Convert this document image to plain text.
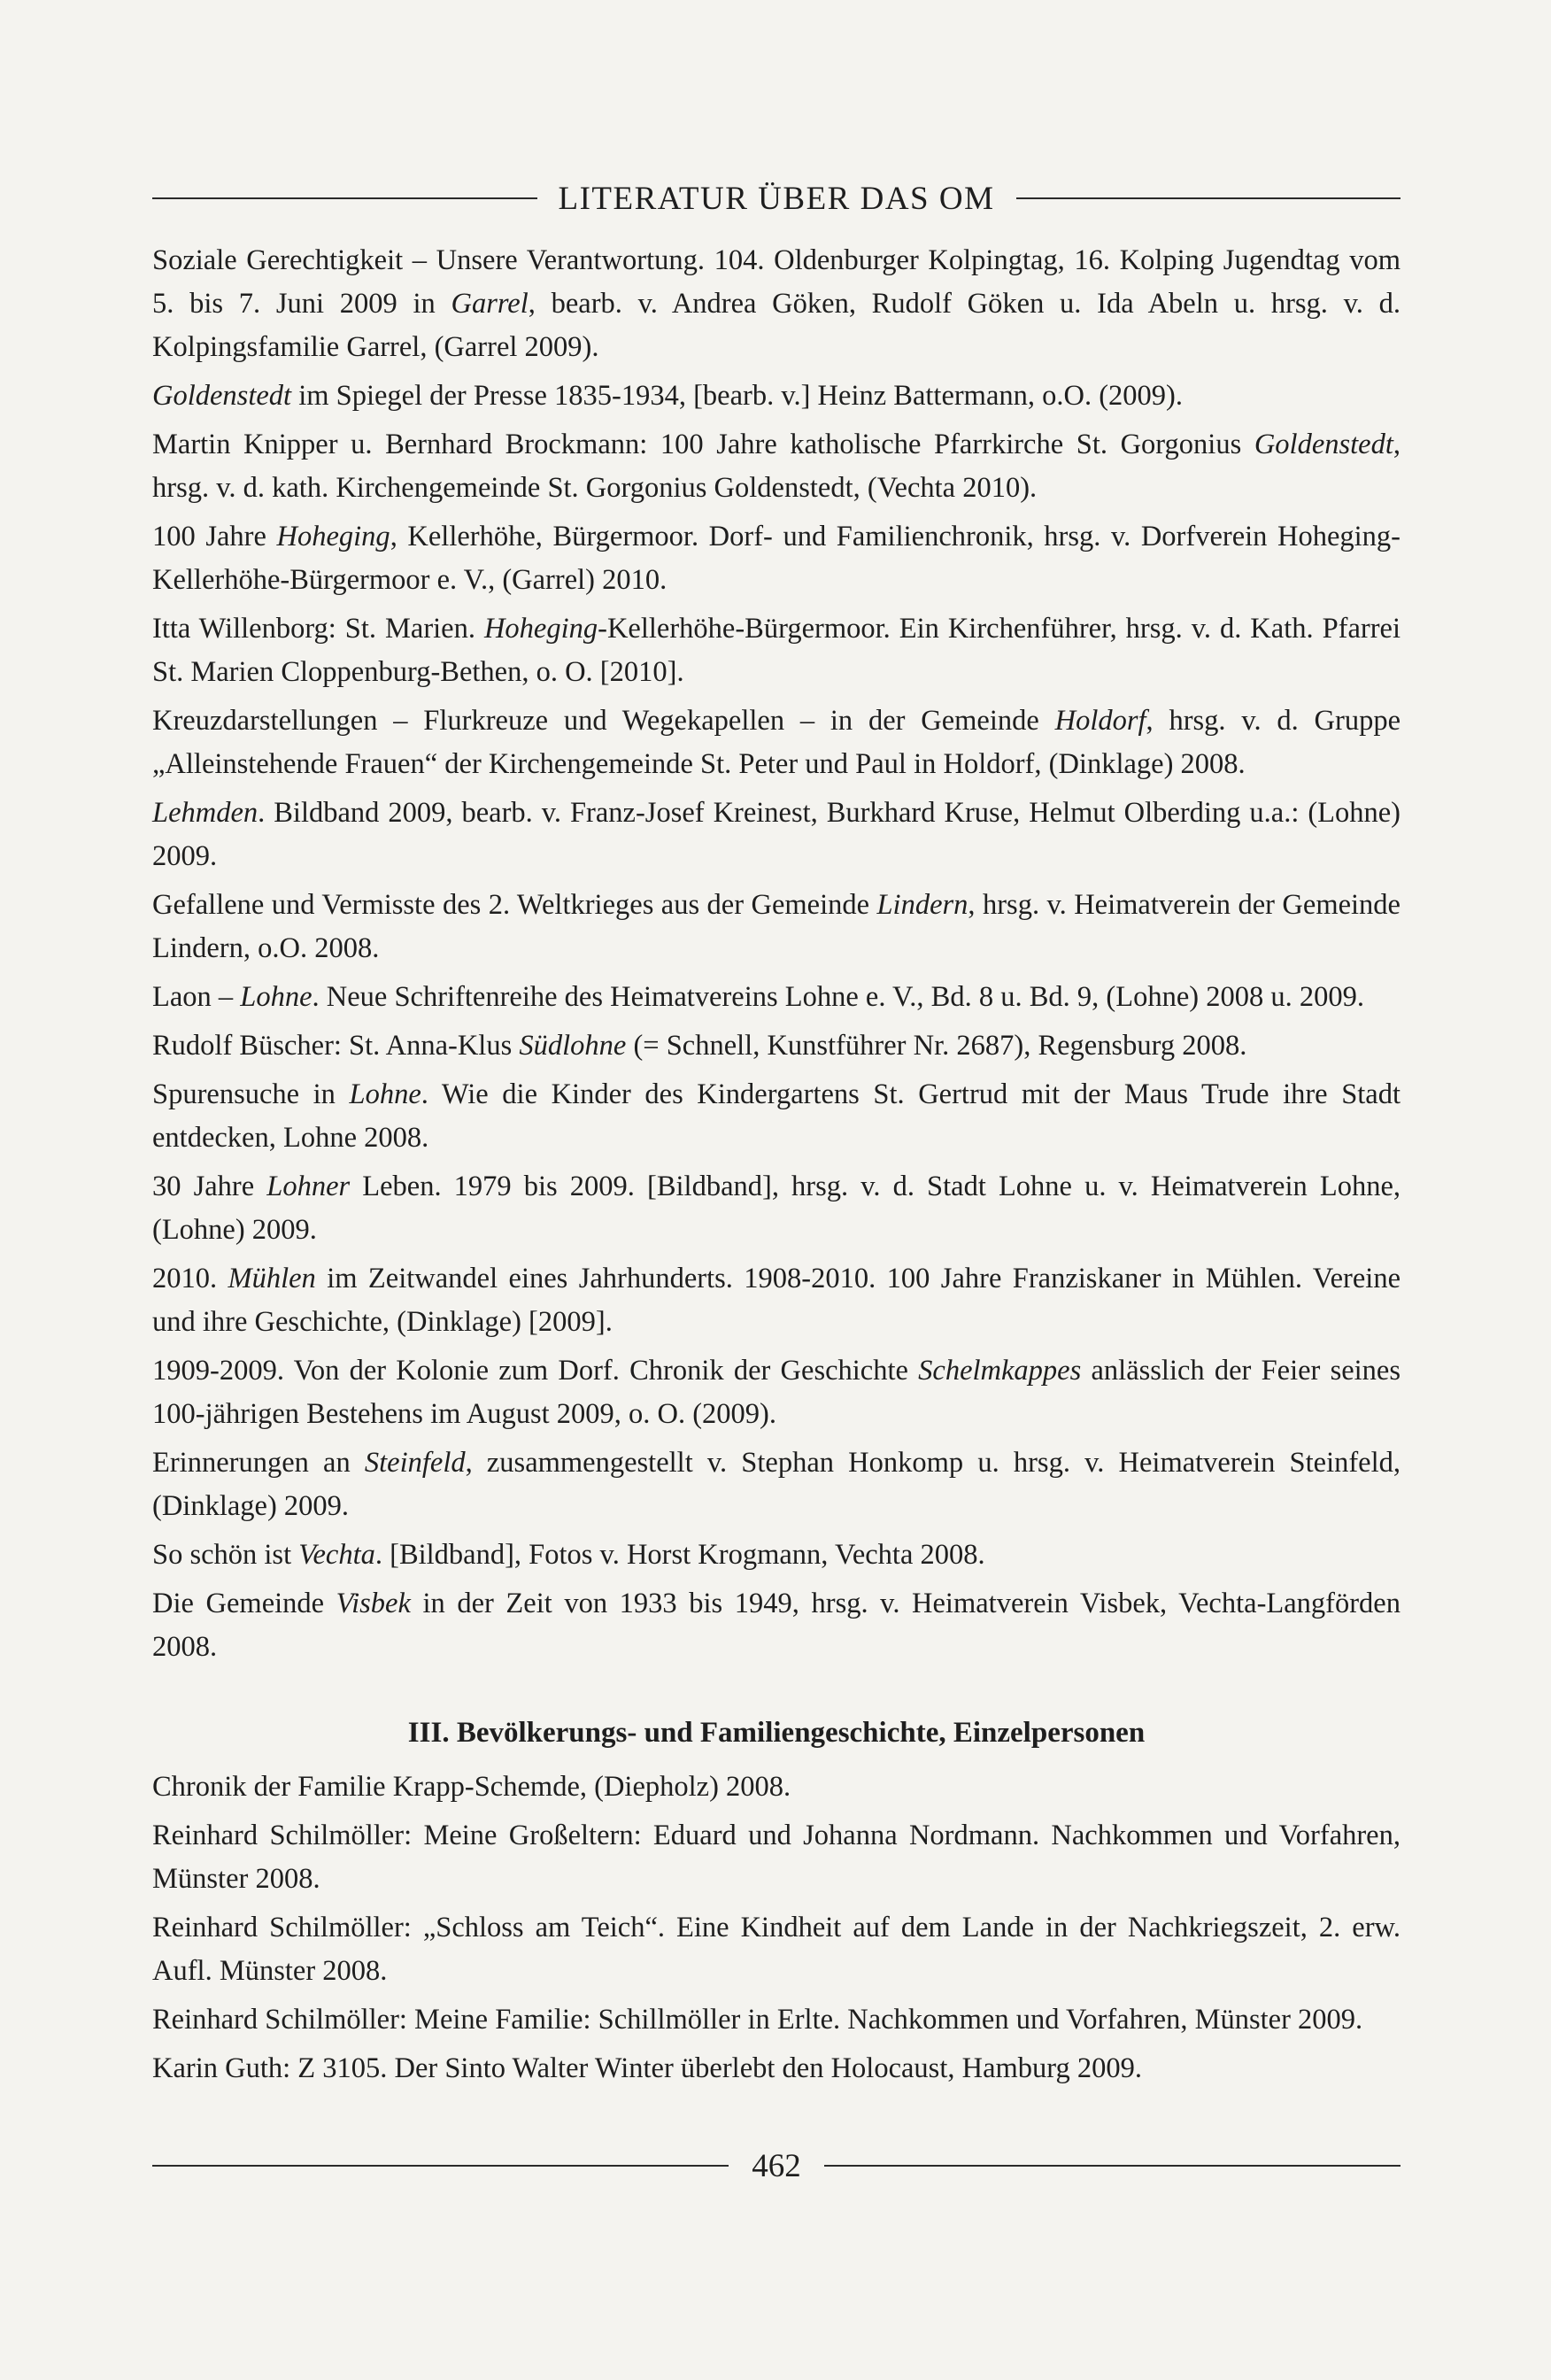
LITERATUR ÜBER DAS OM

Soziale Gerechtigkeit – Unsere Verantwortung. 104. Oldenburger Kolpingtag, 16. Kolping Jugendtag vom 5. bis 7. Juni 2009 in Garrel, bearb. v. Andrea Göken, Rudolf Göken u. Ida Abeln u. hrsg. v. d. Kolpingsfamilie Garrel, (Garrel 2009).

Goldenstedt im Spiegel der Presse 1835-1934, [bearb. v.] Heinz Battermann, o.O. (2009).

Martin Knipper u. Bernhard Brockmann: 100 Jahre katholische Pfarrkirche St. Gorgonius Goldenstedt, hrsg. v. d. kath. Kirchengemeinde St. Gorgonius Goldenstedt, (Vechta 2010).

100 Jahre Hoheging, Kellerhöhe, Bürgermoor. Dorf- und Familienchronik, hrsg. v. Dorfverein Hoheging-Kellerhöhe-Bürgermoor e. V., (Garrel) 2010.

Itta Willenborg: St. Marien. Hoheging-Kellerhöhe-Bürgermoor. Ein Kirchenführer, hrsg. v. d. Kath. Pfarrei St. Marien Cloppenburg-Bethen, o. O. [2010].

Kreuzdarstellungen – Flurkreuze und Wegekapellen – in der Gemeinde Holdorf, hrsg. v. d. Gruppe „Alleinstehende Frauen“ der Kirchengemeinde St. Peter und Paul in Holdorf, (Dinklage) 2008.

Lehmden. Bildband 2009, bearb. v. Franz-Josef Kreinest, Burkhard Kruse, Helmut Olberding u.a.: (Lohne) 2009.

Gefallene und Vermisste des 2. Weltkrieges aus der Gemeinde Lindern, hrsg. v. Heimatverein der Gemeinde Lindern, o.O. 2008.

Laon – Lohne. Neue Schriftenreihe des Heimatvereins Lohne e. V., Bd. 8 u. Bd. 9, (Lohne) 2008 u. 2009.

Rudolf Büscher: St. Anna-Klus Südlohne (= Schnell, Kunstführer Nr. 2687), Regensburg 2008.

Spurensuche in Lohne. Wie die Kinder des Kindergartens St. Gertrud mit der Maus Trude ihre Stadt entdecken, Lohne 2008.

30 Jahre Lohner Leben. 1979 bis 2009. [Bildband], hrsg. v. d. Stadt Lohne u. v. Heimatverein Lohne, (Lohne) 2009.

2010. Mühlen im Zeitwandel eines Jahrhunderts. 1908-2010. 100 Jahre Franziskaner in Mühlen. Vereine und ihre Geschichte, (Dinklage) [2009].

1909-2009. Von der Kolonie zum Dorf. Chronik der Geschichte Schelmkappes anlässlich der Feier seines 100-jährigen Bestehens im August 2009, o. O. (2009).

Erinnerungen an Steinfeld, zusammengestellt v. Stephan Honkomp u. hrsg. v. Heimatverein Steinfeld, (Dinklage) 2009.

So schön ist Vechta. [Bildband], Fotos v. Horst Krogmann, Vechta 2008.

Die Gemeinde Visbek in der Zeit von 1933 bis 1949, hrsg. v. Heimatverein Visbek, Vechta-Langförden 2008.

III. Bevölkerungs- und Familiengeschichte, Einzelpersonen

Chronik der Familie Krapp-Schemde, (Diepholz) 2008.

Reinhard Schilmöller: Meine Großeltern: Eduard und Johanna Nordmann. Nachkommen und Vorfahren, Münster 2008.

Reinhard Schilmöller: „Schloss am Teich“. Eine Kindheit auf dem Lande in der Nachkriegszeit, 2. erw. Aufl. Münster 2008.

Reinhard Schilmöller: Meine Familie: Schillmöller in Erlte. Nachkommen und Vorfahren, Münster 2009.

Karin Guth: Z 3105. Der Sinto Walter Winter überlebt den Holocaust, Hamburg 2009.

462
